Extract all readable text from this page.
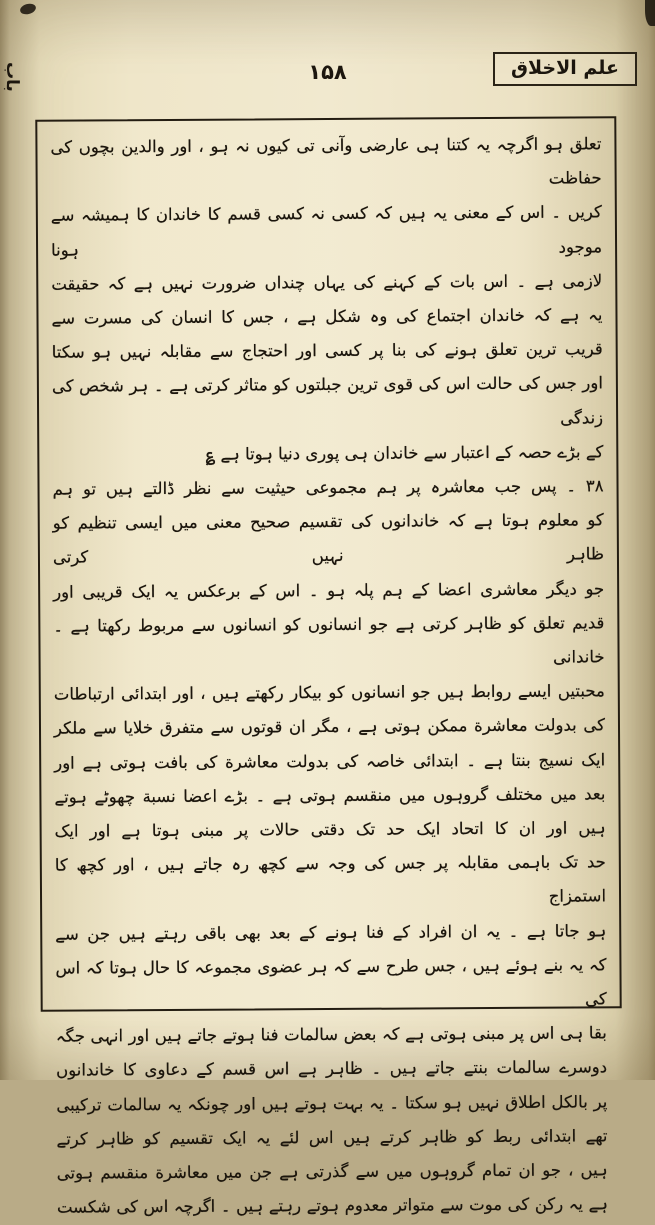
علم الاخلاق
۱۵۸
باب
تعلق ہو اگرچہ یہ کتنا ہی عارضی وآنی تی کیوں نہ ہو ، اور والدین بچوں کی حفاظت
کریں ۔ اس کے معنی یہ ہیں کہ کسی نہ کسی قسم کا خاندان کا ہمیشہ سے موجود ہونا
لازمی ہے ۔ اس بات کے کہنے کی یہاں چنداں ضرورت نہیں ہے کہ حقیقت
یہ ہے کہ خاندان اجتماع کی وہ شکل ہے ، جس کا انسان کی مسرت سے
قریب ترین تعلق ہونے کی بنا پر کسی اور احتجاج سے مقابلہ نہیں ہو سکتا
اور جس کی حالت اس کی قوی ترین جبلتوں کو متاثر کرتی ہے ۔ ہر شخص کی زندگی
کے بڑے حصہ کے اعتبار سے خاندان ہی پوری دنیا ہوتا ہے ؏
۳۸ ۔ پس جب معاشرہ پر ہم مجموعی حیثیت سے نظر ڈالتے ہیں تو ہم
کو معلوم ہوتا ہے کہ خاندانوں کی تقسیم صحیح معنی میں ایسی تنظیم کو ظاہر نہیں کرتی
جو دیگر معاشری اعضا کے ہم پلہ ہو ۔ اس کے برعکس یہ ایک قریبی اور
قدیم تعلق کو ظاہر کرتی ہے جو انسانوں کو انسانوں سے مربوط رکھتا ہے ۔ خاندانی
محبتیں ایسے روابط ہیں جو انسانوں کو بیکار رکھتے ہیں ، اور ابتدائی ارتباطات
کی بدولت معاشرة ممکن ہوتی ہے ، مگر ان قوتوں سے متفرق خلایا سے ملکر
ایک نسیج بنتا ہے ۔ ابتدائی خاصہ کی بدولت معاشرة کی بافت ہوتی ہے اور
بعد میں مختلف گروہوں میں منقسم ہوتی ہے ۔ بڑے اعضا نسبة چھوٹے ہوتے
ہیں اور ان کا اتحاد ایک حد تک دقتی حالات پر مبنی ہوتا ہے اور ایک
حد تک باہمی مقابلہ پر جس کی وجہ سے کچھ رہ جاتے ہیں ، اور کچھ کا استمزاج
ہو جاتا ہے ۔ یہ ان افراد کے فنا ہونے کے بعد بھی باقی رہتے ہیں جن سے
کہ یہ بنے ہوئے ہیں ، جس طرح سے کہ ہر عضوی مجموعہ کا حال ہوتا کہ اس کی
بقا ہی اس پر مبنی ہوتی ہے کہ بعض سالمات فنا ہوتے جاتے ہیں اور انہی جگہ
دوسرے سالمات بنتے جاتے ہیں ۔ ظاہر ہے اس قسم کے دعاوی کا خاندانوں
پر بالکل اطلاق نہیں ہو سکتا ۔ یہ بہت ہوتے ہیں اور چونکہ یہ سالمات ترکیبی
تھے ابتدائی ربط کو ظاہر کرتے ہیں اس لئے یہ ایک تقسیم کو ظاہر کرتے
ہیں ، جو ان تمام گروہوں میں سے گذرتی ہے جن میں معاشرة منقسم ہوتی
ہے یہ رکن کی موت سے متواتر معدوم ہوتے رہتے ہیں ۔ اگرچہ اس کی شکست
